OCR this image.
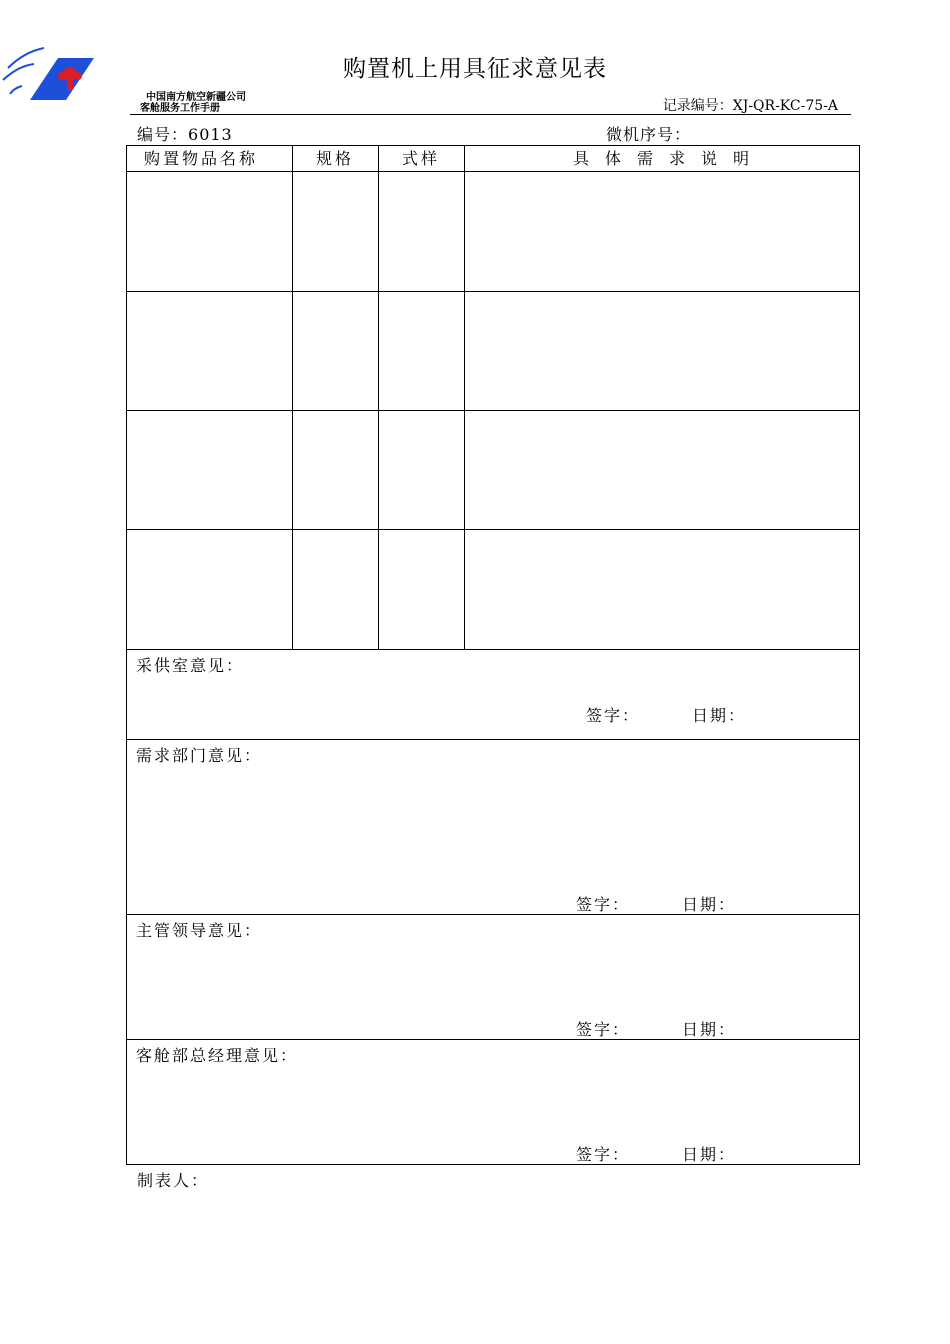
购置机上用具征求意见表
中国南方航空新疆公司
客舱服务工作手册	记录编号：XJ-QR-KC-75-A
编号：6013	微机序号：
购置物品名称	规格	式样	具　体　需　求　说　明
采供室意见：
签字：	日期：
需求部门意见：
签字：	日期：
主管领导意见：
签字：	日期：
客舱部总经理意见：
签字：	日期：
制表人：
